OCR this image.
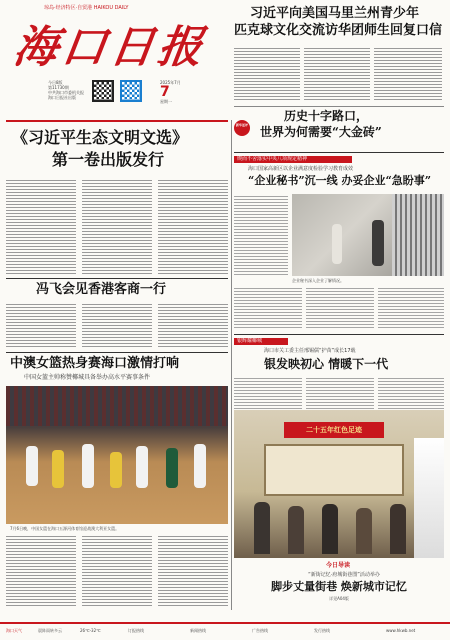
琼岛·经济特区·自贸港 HAIKOU DAILY
海口日报
今日8版
第11730期
中共海口市委机关报
海口日报社出版
2025年7月
7
星期一
习近平向美国马里兰州青少年
匹克球文化交流访华团师生回复口信
新华述评
历史十字路口，
世界为何需要“大金砖”
锲而不舍落实中央八项规定精神
海口国家高新区以企业满意度检验学习教育成效
“企业秘书”沉一线 办妥企业“急盼事”
企业秘书深入企业了解情况。
银辉耀椰城
海口市关工委主任邢锡儒“护苗”成长17载
银发映初心 情暖下一代
二十五年红色足迹
今日导读
“新街记忆·府城街巷图”活动举办
脚步丈量街巷 焕新城市记忆
详见A04版
《习近平生态文明文选》
第一卷出版发行
冯飞会见香港客商一行
中澳女篮热身赛海口激情打响
中国女篮主帅称赞椰城具备举办高水平赛事条件
7月6日晚，中国女篮在海口五源河体育馆迎战澳大利亚女篮。
海口天气	晨阵雨转多云	26℃-32℃	订报热线	新闻热线	广告热线	发行热线	www.hkwb.net
